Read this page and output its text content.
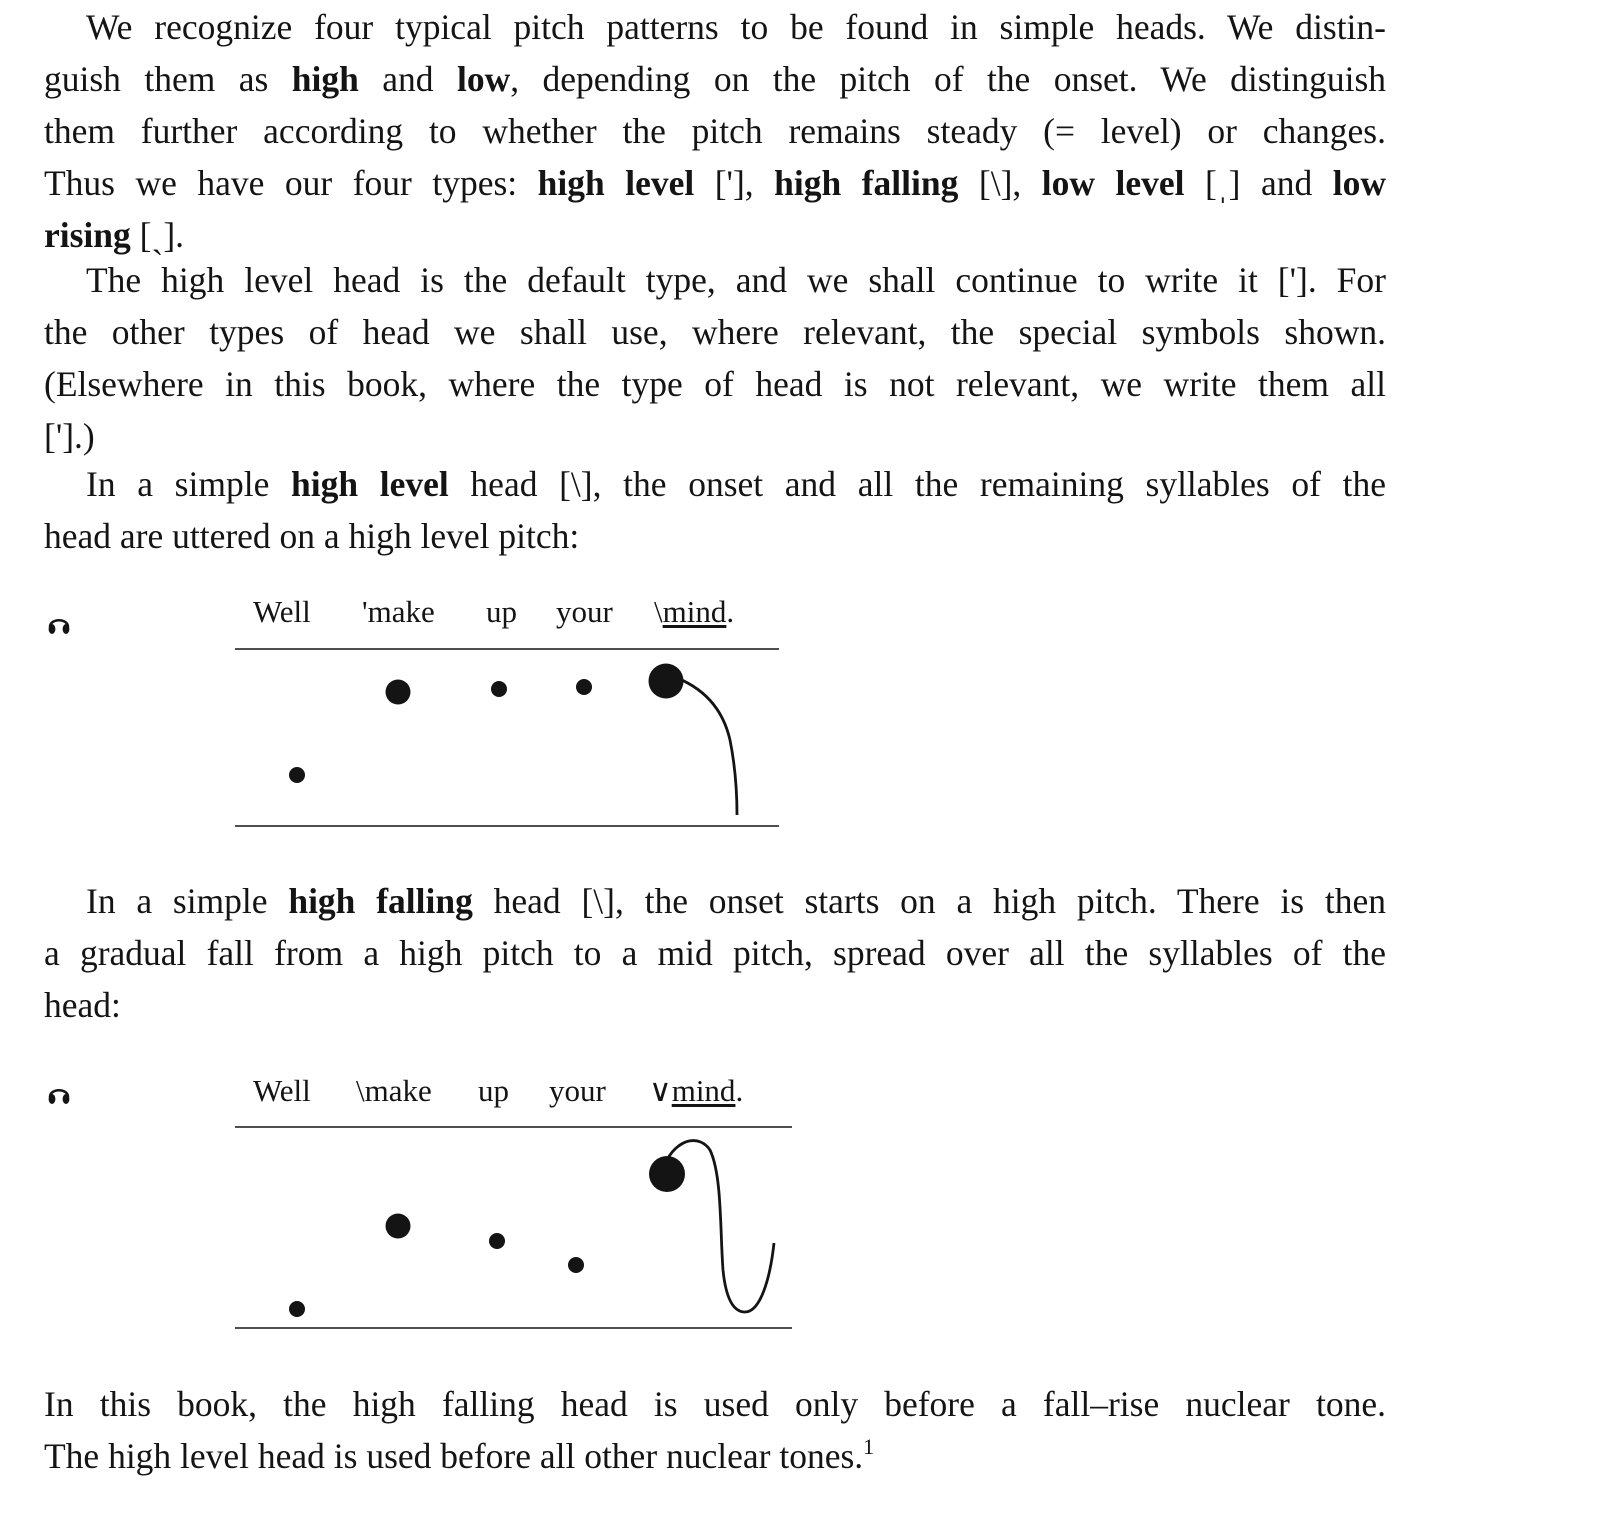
We recognize four typical pitch patterns to be found in simple heads. We distin-
guish them as high and low, depending on the pitch of the onset. We distinguish
them further according to whether the pitch remains steady (= level) or changes.
Thus we have our four types: high level ['], high falling [\], low level [ˌ] and low
rising [ˏ].
The high level head is the default type, and we shall continue to write it [']. For
the other types of head we shall use, where relevant, the special symbols shown.
(Elsewhere in this book, where the type of head is not relevant, we write them all
['].)
In a simple high level head [\], the onset and all the remaining syllables of the
head are uttered on a high level pitch:
Well 'make up your \mind.
In a simple high falling head [\], the onset starts on a high pitch. There is then
a gradual fall from a high pitch to a mid pitch, spread over all the syllables of the
head:
Well \make up your ∨mind.
In this book, the high falling head is used only before a fall–rise nuclear tone.
The high level head is used before all other nuclear tones.$^1$
